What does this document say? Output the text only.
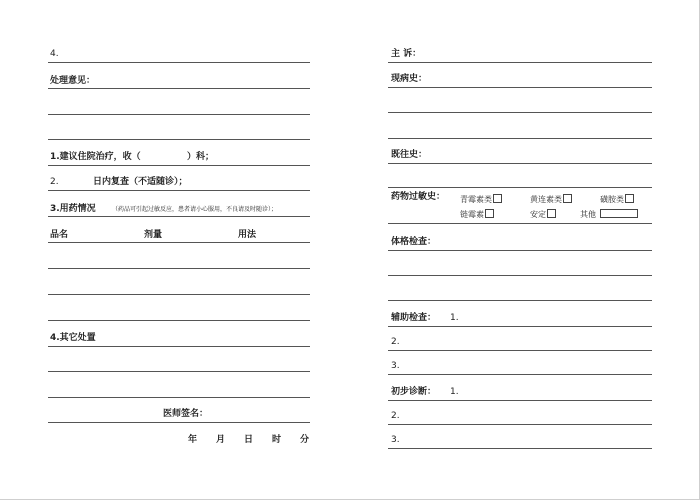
4.
处理意见：
1.建议住院治疗，收（	）科；
2.	日内复查（不适随诊）；
3.用药情况	（药品可引起过敏反应，患者请小心服用，不良请及时随诊）；
品名	剂量	用法
4.其它处置
医师签名：
年 月 日 时 分
主 诉：
现病史：
既往史：
药物过敏史： 青霉素类	黄连素类	磺胺类
链霉素	安定	其他
体格检查：
辅助检查： 1.
2.
3.
初步诊断： 1.
2.
3.
